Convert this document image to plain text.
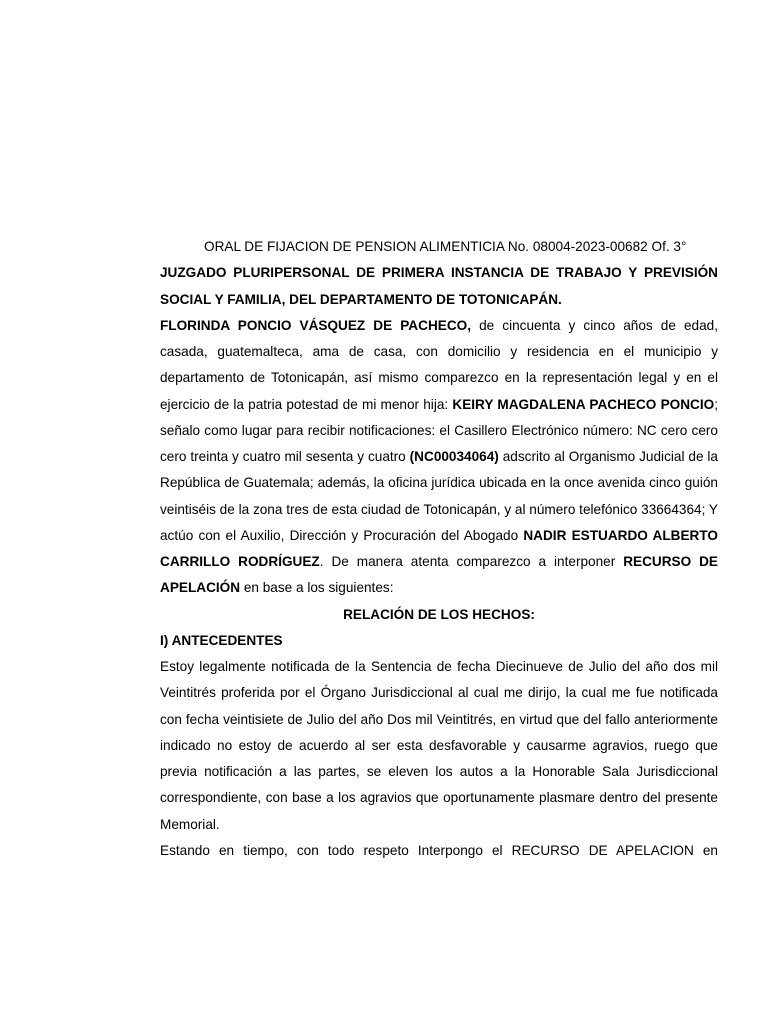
ORAL DE FIJACION DE PENSION ALIMENTICIA No. 08004-2023-00682 Of. 3°

JUZGADO PLURIPERSONAL DE PRIMERA INSTANCIA DE TRABAJO Y PREVISIÓN SOCIAL Y FAMILIA, DEL DEPARTAMENTO DE TOTONICAPÁN.

FLORINDA PONCIO VÁSQUEZ DE PACHECO, de cincuenta y cinco años de edad, casada, guatemalteca, ama de casa, con domicilio y residencia en el municipio y departamento de Totonicapán, así mismo comparezco en la representación legal y en el ejercicio de la patria potestad de mi menor hija: KEIRY MAGDALENA PACHECO PONCIO; señalo como lugar para recibir notificaciones: el Casillero Electrónico número: NC cero cero cero treinta y cuatro mil sesenta y cuatro (NC00034064) adscrito al Organismo Judicial de la República de Guatemala; además, la oficina jurídica ubicada en la once avenida cinco guión veintiséis de la zona tres de esta ciudad de Totonicapán, y al número telefónico 33664364; Y actúo con el Auxilio, Dirección y Procuración del Abogado NADIR ESTUARDO ALBERTO CARRILLO RODRÍGUEZ. De manera atenta comparezco a interponer RECURSO DE APELACIÓN en base a los siguientes:

RELACIÓN DE LOS HECHOS:

I) ANTECEDENTES

Estoy legalmente notificada de la Sentencia de fecha Diecinueve de Julio del año dos mil Veintitrés proferida por el Órgano Jurisdiccional al cual me dirijo, la cual me fue notificada con fecha veintisiete de Julio del año Dos mil Veintitrés, en virtud que del fallo anteriormente indicado no estoy de acuerdo al ser esta desfavorable y causarme agravios, ruego que previa notificación a las partes, se eleven los autos a la Honorable Sala Jurisdiccional correspondiente, con base a los agravios que oportunamente plasmare dentro del presente Memorial.

Estando en tiempo, con todo respeto Interpongo el RECURSO DE APELACION en
